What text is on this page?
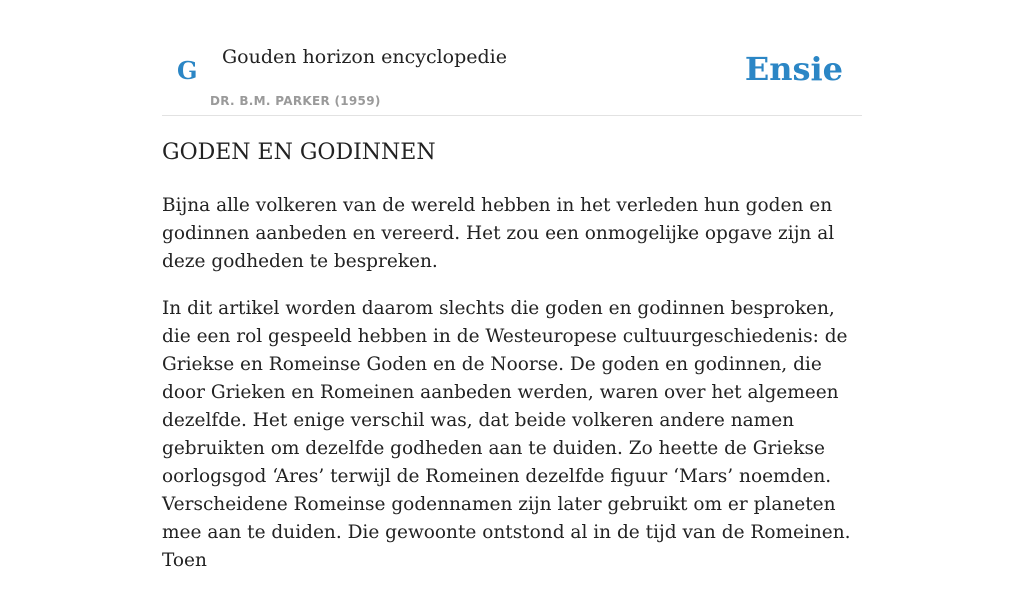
G Gouden horizon encyclopedie
DR. B.M. PARKER (1959)
Ensie
GODEN EN GODINNEN

Bijna alle volkeren van de wereld hebben in het verleden hun goden en godinnen aanbeden en vereerd. Het zou een onmogelijke opgave zijn al deze godheden te bespreken.

In dit artikel worden daarom slechts die goden en godinnen besproken, die een rol gespeeld hebben in de Westeuropese cultuurgeschiedenis: de Griekse en Romeinse Goden en de Noorse. De goden en godinnen, die door Grieken en Romeinen aanbeden werden, waren over het algemeen dezelfde. Het enige verschil was, dat beide volkeren andere namen gebruikten om dezelfde godheden aan te duiden. Zo heette de Griekse oorlogsgod ‘Ares’ terwijl de Romeinen dezelfde figuur ‘Mars’ noemden. Verscheidene Romeinse godennamen zijn later gebruikt om er planeten mee aan te duiden. Die gewoonte ontstond al in de tijd van de Romeinen. Toen
